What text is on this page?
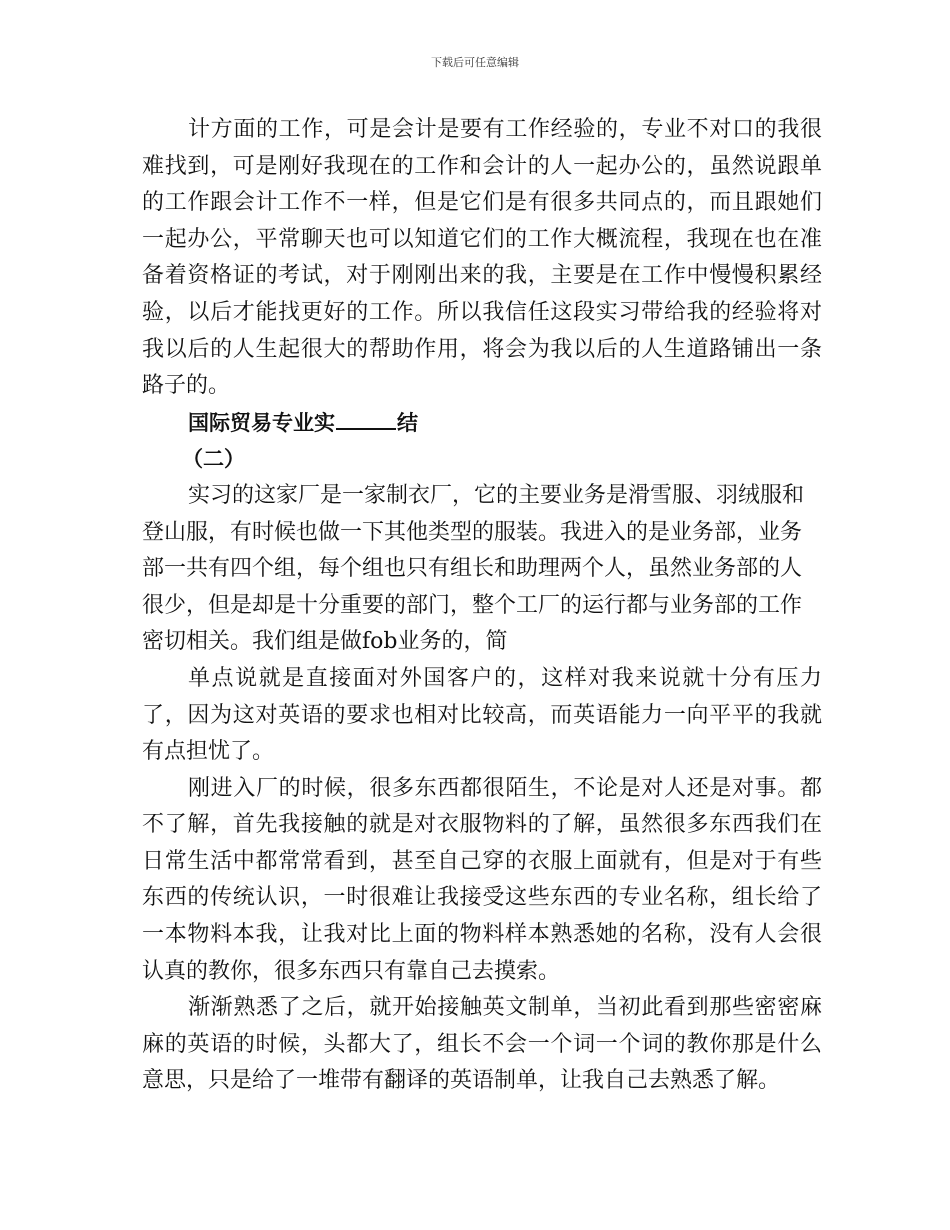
下载后可任意编辑

计方面的工作，可是会计是要有工作经验的，专业不对口的我很难找到，可是刚好我现在的工作和会计的人一起办公的，虽然说跟单的工作跟会计工作不一样，但是它们是有很多共同点的，而且跟她们一起办公，平常聊天也可以知道它们的工作大概流程，我现在也在准备着资格证的考试，对于刚刚出来的我，主要是在工作中慢慢积累经验，以后才能找更好的工作。所以我信任这段实习带给我的经验将对我以后的人生起很大的帮助作用，将会为我以后的人生道路铺出一条路子的。

国际贸易专业实	结

（二）

实习的这家厂是一家制衣厂，它的主要业务是滑雪服、羽绒服和登山服，有时候也做一下其他类型的服装。我进入的是业务部，业务部一共有四个组，每个组也只有组长和助理两个人，虽然业务部的人很少，但是却是十分重要的部门，整个工厂的运行都与业务部的工作密切相关。我们组是做fob业务的，简

单点说就是直接面对外国客户的，这样对我来说就十分有压力了，因为这对英语的要求也相对比较高，而英语能力一向平平的我就有点担忧了。

刚进入厂的时候，很多东西都很陌生，不论是对人还是对事。都不了解，首先我接触的就是对衣服物料的了解，虽然很多东西我们在日常生活中都常常看到，甚至自己穿的衣服上面就有，但是对于有些东西的传统认识，一时很难让我接受这些东西的专业名称，组长给了一本物料本我，让我对比上面的物料样本熟悉她的名称，没有人会很认真的教你，很多东西只有靠自己去摸索。

渐渐熟悉了之后，就开始接触英文制单，当初此看到那些密密麻麻的英语的时候，头都大了，组长不会一个词一个词的教你那是什么意思，只是给了一堆带有翻译的英语制单，让我自己去熟悉了解。
